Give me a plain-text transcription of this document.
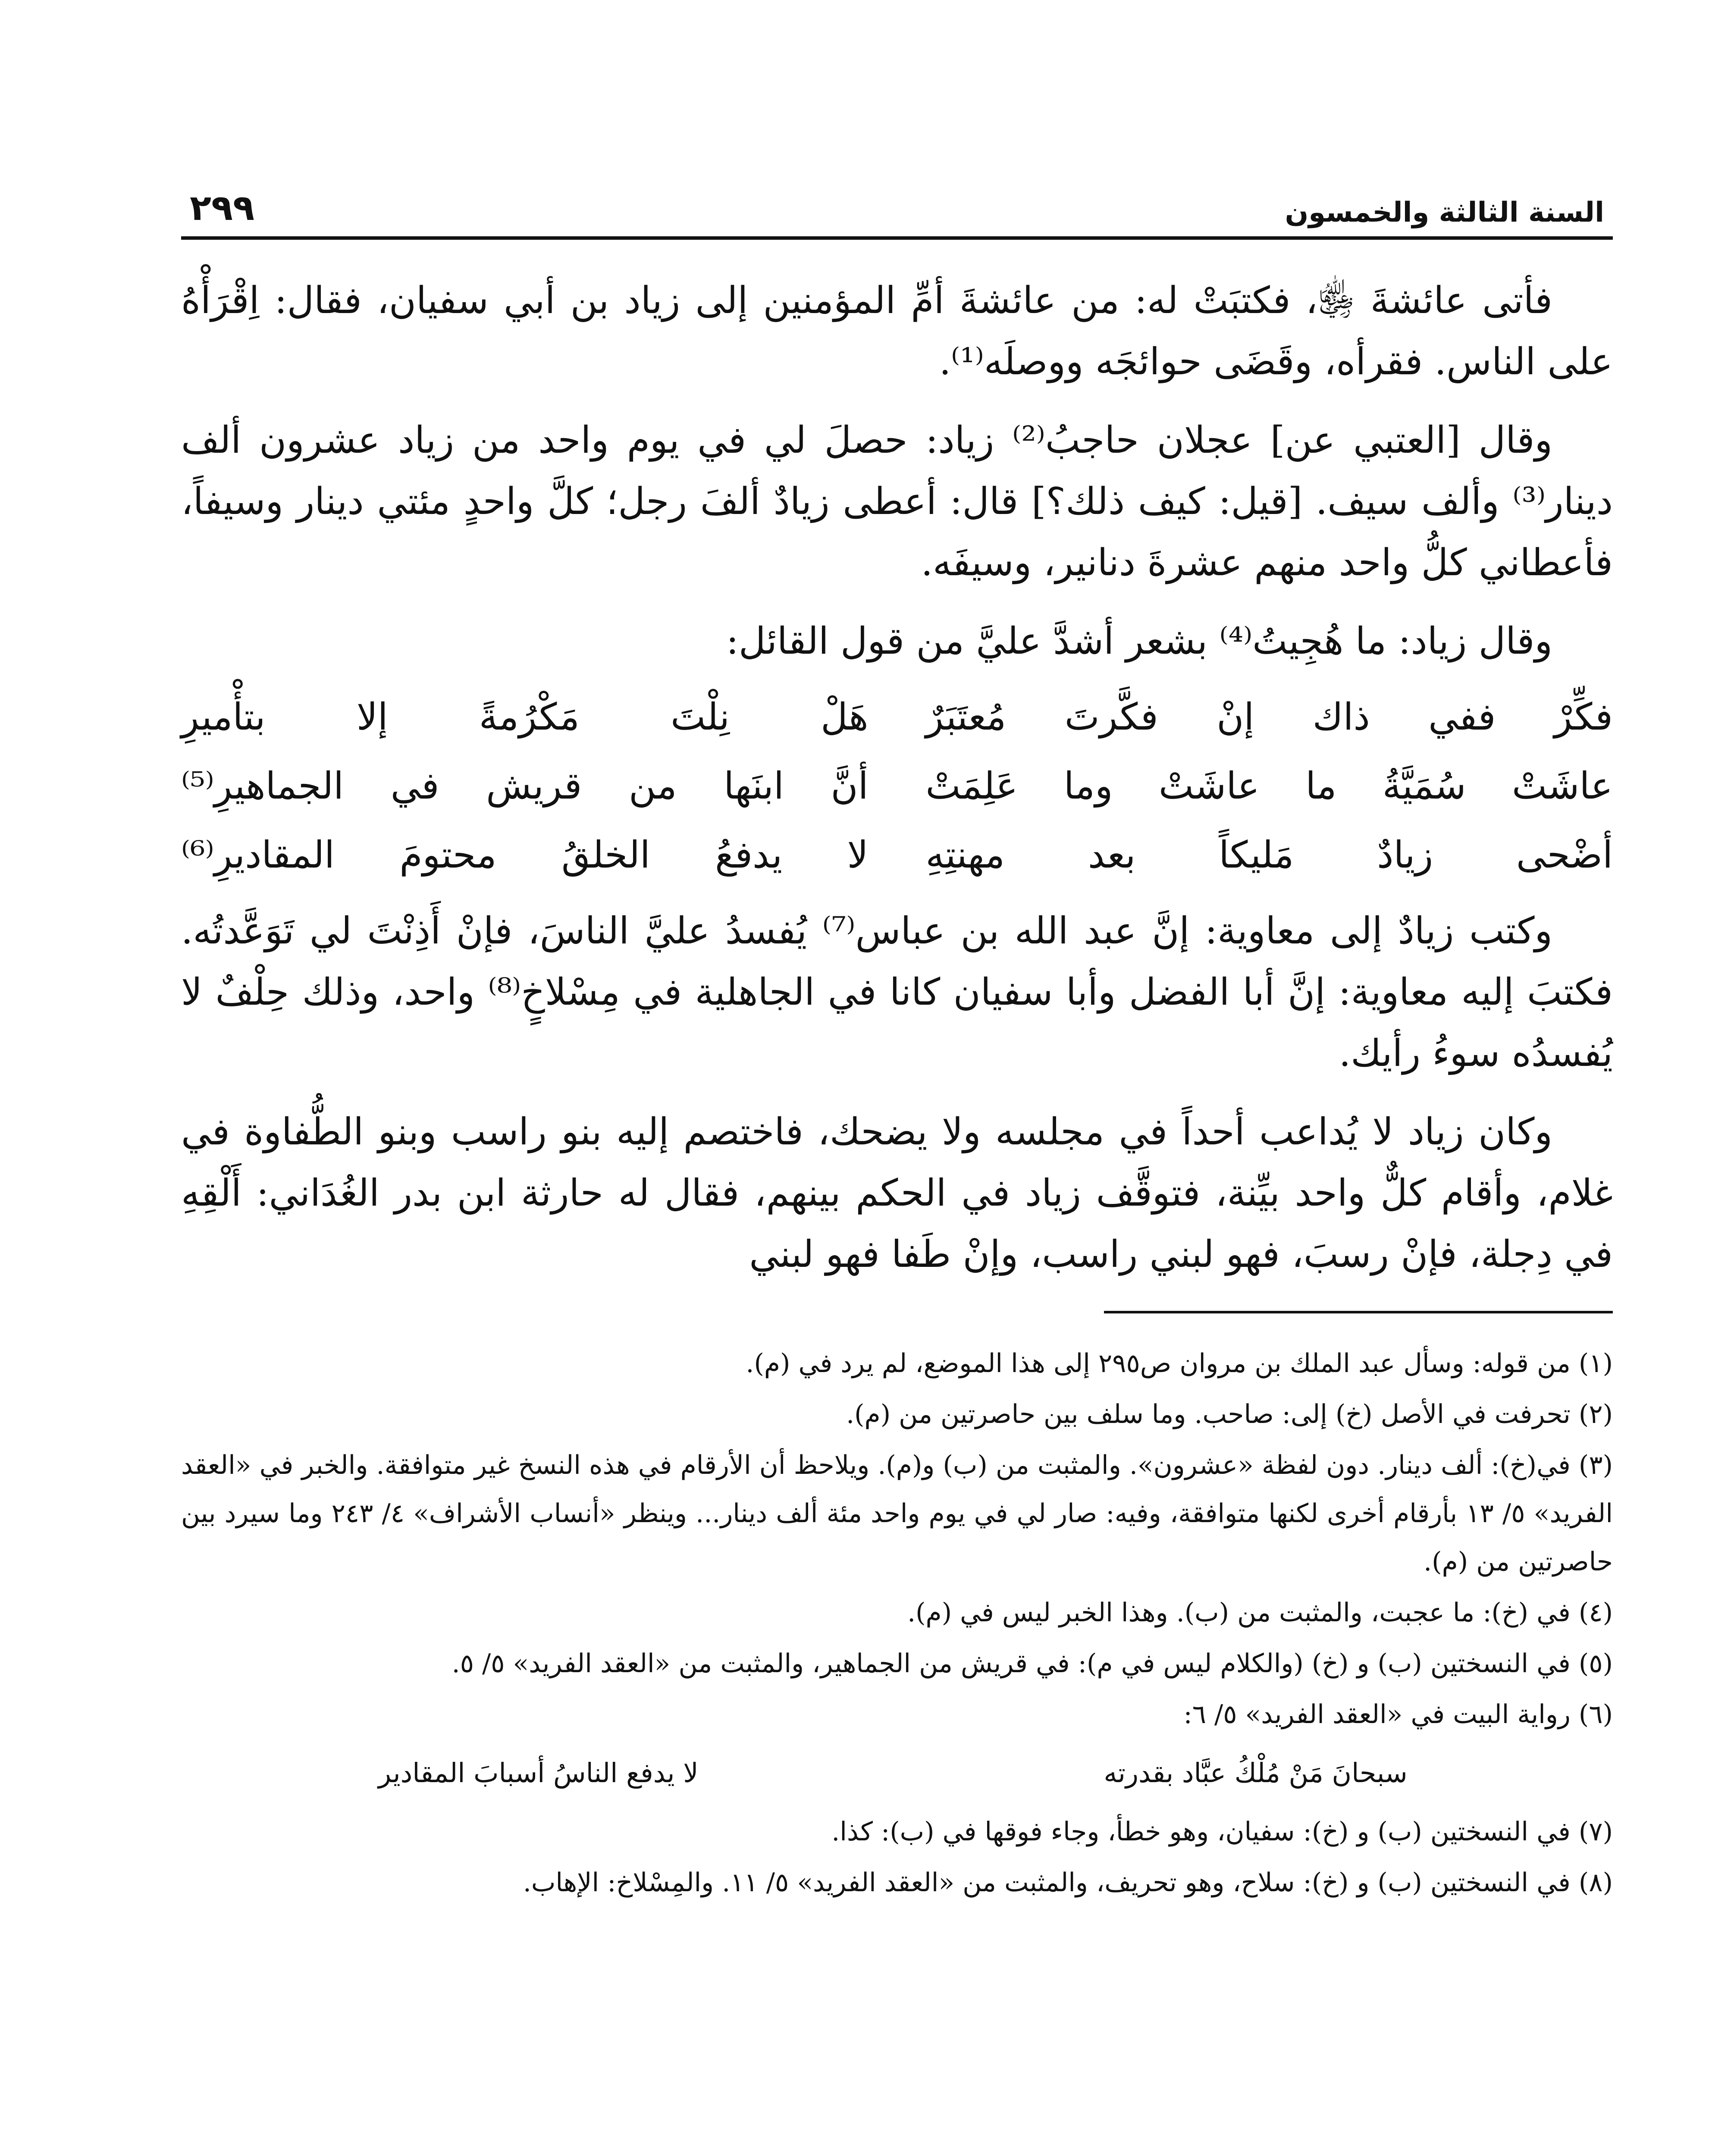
السنة الثالثة والخمسون
٢٩٩

فأتى عائشةَ ﵂، فكتبَتْ له: من عائشةَ أمِّ المؤمنين إلى زياد بن أبي سفيان، فقال: اِقْرَأْهُ على الناس. فقرأه، وقَضَى حوائجَه ووصلَه⁽¹⁾.

وقال [العتبي عن] عجلان حاجبُ⁽²⁾ زياد: حصلَ لي في يوم واحد من زياد عشرون ألف دينار⁽³⁾ وألف سيف. [قيل: كيف ذلك؟] قال: أعطى زيادٌ ألفَ رجل؛ كلَّ واحدٍ مئتي دينار وسيفاً، فأعطاني كلُّ واحد منهم عشرةَ دنانير، وسيفَه.

وقال زياد: ما هُجِيتُ⁽⁴⁾ بشعر أشدَّ عليَّ من قول القائل:

فكِّرْ ففي ذاك إنْ فكَّرتَ مُعتَبَرٌ
هَلْ نِلْتَ مَكْرُمةً إلا بتأْميرِ
عاشَتْ سُمَيَّةُ ما عاشَتْ وما عَلِمَتْ
أنَّ ابنَها من قريش في الجماهيرِ⁽⁵⁾
أضْحى زيادٌ مَليكاً بعد مهنتِهِ
لا يدفعُ الخلقُ محتومَ المقاديرِ⁽⁶⁾

وكتب زيادٌ إلى معاوية: إنَّ عبد الله بن عباس⁽⁷⁾ يُفسدُ عليَّ الناسَ، فإنْ أَذِنْتَ لي تَوَعَّدتُه. فكتبَ إليه معاوية: إنَّ أبا الفضل وأبا سفيان كانا في الجاهلية في مِسْلاخٍ⁽⁸⁾ واحد، وذلك حِلْفٌ لا يُفسدُه سوءُ رأيك.

وكان زياد لا يُداعب أحداً في مجلسه ولا يضحك، فاختصم إليه بنو راسب وبنو الطُّفاوة في غلام، وأقام كلٌّ واحد بيِّنة، فتوقَّف زياد في الحكم بينهم، فقال له حارثة ابن بدر الغُدَاني: أَلْقِهِ في دِجلة، فإنْ رسبَ، فهو لبني راسب، وإنْ طَفا فهو لبني

(١) من قوله: وسأل عبد الملك بن مروان ص٢٩٥ إلى هذا الموضع، لم يرد في (م).

(٢) تحرفت في الأصل (خ) إلى: صاحب. وما سلف بين حاصرتين من (م).

(٣) في(خ): ألف دينار. دون لفظة «عشرون». والمثبت من (ب) و(م). ويلاحظ أن الأرقام في هذه النسخ غير متوافقة. والخبر في «العقد الفريد» ٥/ ١٣ بأرقام أخرى لكنها متوافقة، وفيه: صار لي في يوم واحد مئة ألف دينار... وينظر «أنساب الأشراف» ٤/ ٢٤٣ وما سيرد بين حاصرتين من (م).

(٤) في (خ): ما عجبت، والمثبت من (ب). وهذا الخبر ليس في (م).

(٥) في النسختين (ب) و (خ) (والكلام ليس في م): في قريش من الجماهير، والمثبت من «العقد الفريد» ٥/ ٥.

(٦) رواية البيت في «العقد الفريد» ٥/ ٦:

سبحانَ مَنْ مُلْكُ عبَّاد بقدرته
لا يدفع الناسُ أسبابَ المقادير

(٧) في النسختين (ب) و (خ): سفيان، وهو خطأ، وجاء فوقها في (ب): كذا.

(٨) في النسختين (ب) و (خ): سلاح، وهو تحريف، والمثبت من «العقد الفريد» ٥/ ١١. والمِسْلاخ: الإهاب.
